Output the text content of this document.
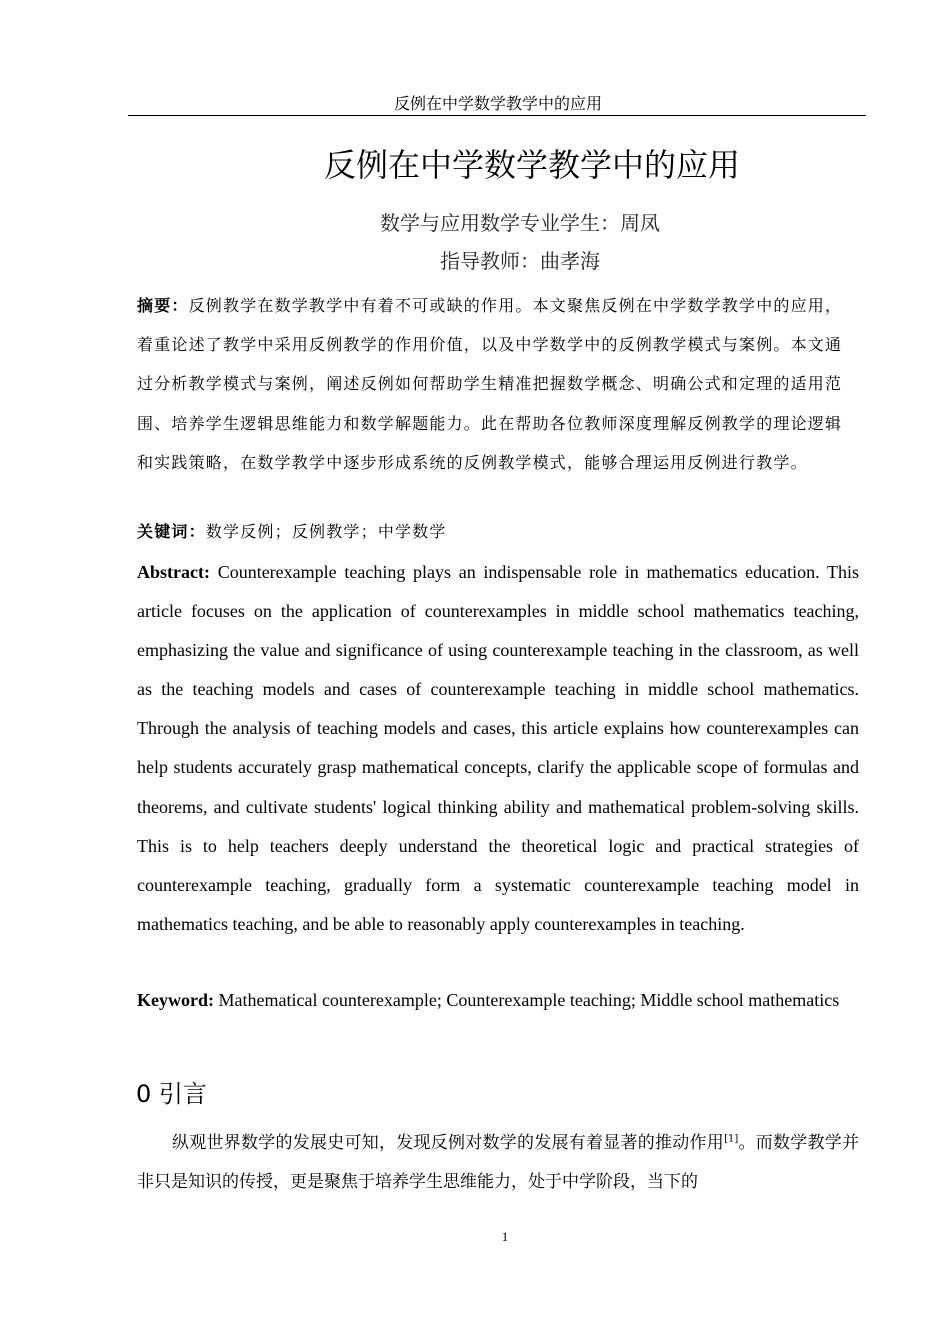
反例在中学数学教学中的应用
反例在中学数学教学中的应用
数学与应用数学专业学生：周凤
指导教师：曲孝海
摘要：反例教学在数学教学中有着不可或缺的作用。本文聚焦反例在中学数学教学中的应用，着重论述了教学中采用反例教学的作用价值，以及中学数学中的反例教学模式与案例。本文通过分析教学模式与案例，阐述反例如何帮助学生精准把握数学概念、明确公式和定理的适用范围、培养学生逻辑思维能力和数学解题能力。此在帮助各位教师深度理解反例教学的理论逻辑和实践策略，在数学教学中逐步形成系统的反例教学模式，能够合理运用反例进行教学。
关键词：数学反例；反例教学；中学数学
Abstract: Counterexample teaching plays an indispensable role in mathematics education. This article focuses on the application of counterexamples in middle school mathematics teaching, emphasizing the value and significance of using counterexample teaching in the classroom, as well as the teaching models and cases of counterexample teaching in middle school mathematics. Through the analysis of teaching models and cases, this article explains how counterexamples can help students accurately grasp mathematical concepts, clarify the applicable scope of formulas and theorems, and cultivate students' logical thinking ability and mathematical problem-solving skills. This is to help teachers deeply understand the theoretical logic and practical strategies of counterexample teaching, gradually form a systematic counterexample teaching model in mathematics teaching, and be able to reasonably apply counterexamples in teaching.
Keyword: Mathematical counterexample; Counterexample teaching; Middle school mathematics
0 引言
纵观世界数学的发展史可知，发现反例对数学的发展有着显著的推动作用[1]。而数学教学并非只是知识的传授，更是聚焦于培养学生思维能力，处于中学阶段，当下的
1
